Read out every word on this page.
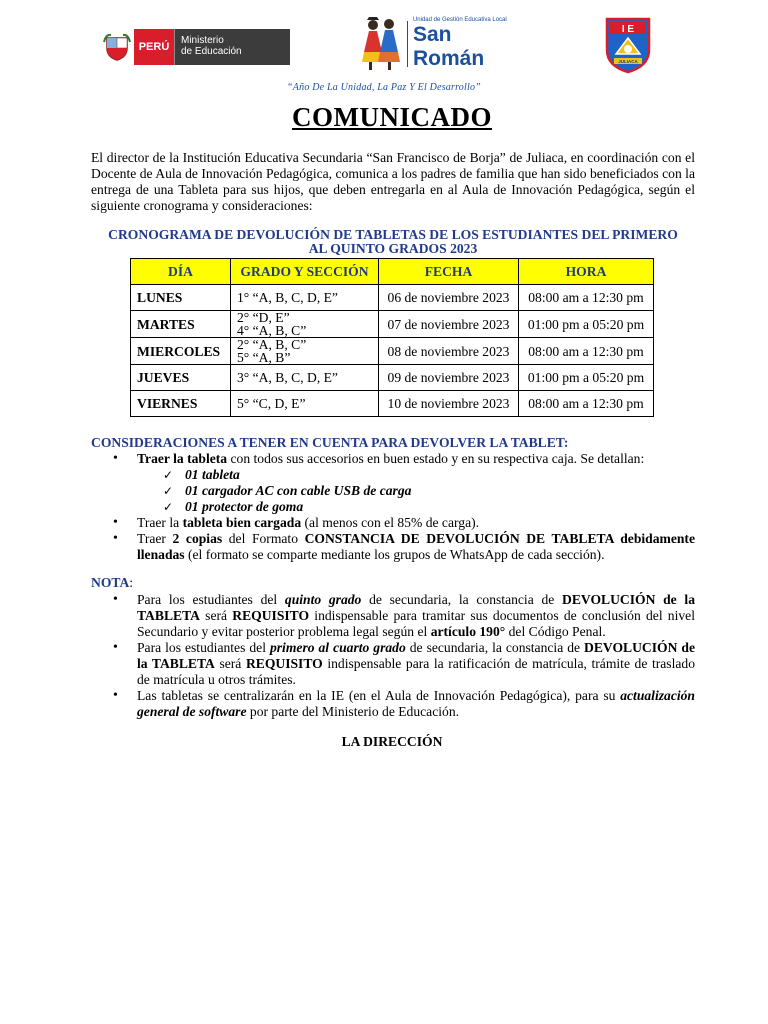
PERÚ
Ministerio
de Educación
Unidad de Gestión Educativa Local
San Román
I E
JULIACA
“Año De La Unidad, La Paz Y El Desarrollo”
COMUNICADO

El director de la Institución Educativa Secundaria “San Francisco de Borja” de Juliaca, en coordinación con el Docente de Aula de Innovación Pedagógica, comunica a los padres de familia que han sido beneficiados con la entrega de una Tableta para sus hijos, que deben entregarla en al Aula de Innovación Pedagógica, según el siguiente cronograma y consideraciones:

CRONOGRAMA DE DEVOLUCIÓN DE TABLETAS DE LOS ESTUDIANTES DEL PRIMERO
AL QUINTO GRADOS 2023
DÍA	GRADO Y SECCIÓN	FECHA	HORA
LUNES	1° “A, B, C, D, E”	06 de noviembre 2023	08:00 am a 12:30 pm
MARTES	2° “D, E”
4° “A, B, C”	07 de noviembre 2023	01:00 pm a 05:20 pm
MIERCOLES	2° “A, B, C”
5° “A, B”	08 de noviembre 2023	08:00 am a 12:30 pm
JUEVES	3° “A, B, C, D, E”	09 de noviembre 2023	01:00 pm a 05:20 pm
VIERNES	5° “C, D, E”	10 de noviembre 2023	08:00 am a 12:30 pm
CONSIDERACIONES A TENER EN CUENTA PARA DEVOLVER LA TABLET:
• Traer la tableta con todos sus accesorios en buen estado y en su respectiva caja. Se detallan:
✓ 01 tableta
✓ 01 cargador AC con cable USB de carga
✓ 01 protector de goma
• Traer la tableta bien cargada (al menos con el 85% de carga).
• Traer 2 copias del Formato CONSTANCIA DE DEVOLUCIÓN DE TABLETA debidamente llenadas (el formato se comparte mediante los grupos de WhatsApp de cada sección).
NOTA:
• Para los estudiantes del quinto grado de secundaria, la constancia de DEVOLUCIÓN de la TABLETA será REQUISITO indispensable para tramitar sus documentos de conclusión del nivel Secundario y evitar posterior problema legal según el artículo 190° del Código Penal.
• Para los estudiantes del primero al cuarto grado de secundaria, la constancia de DEVOLUCIÓN de la TABLETA será REQUISITO indispensable para la ratificación de matrícula, trámite de traslado de matrícula u otros trámites.
• Las tabletas se centralizarán en la IE (en el Aula de Innovación Pedagógica), para su actualización general de software por parte del Ministerio de Educación.
LA DIRECCIÓN
